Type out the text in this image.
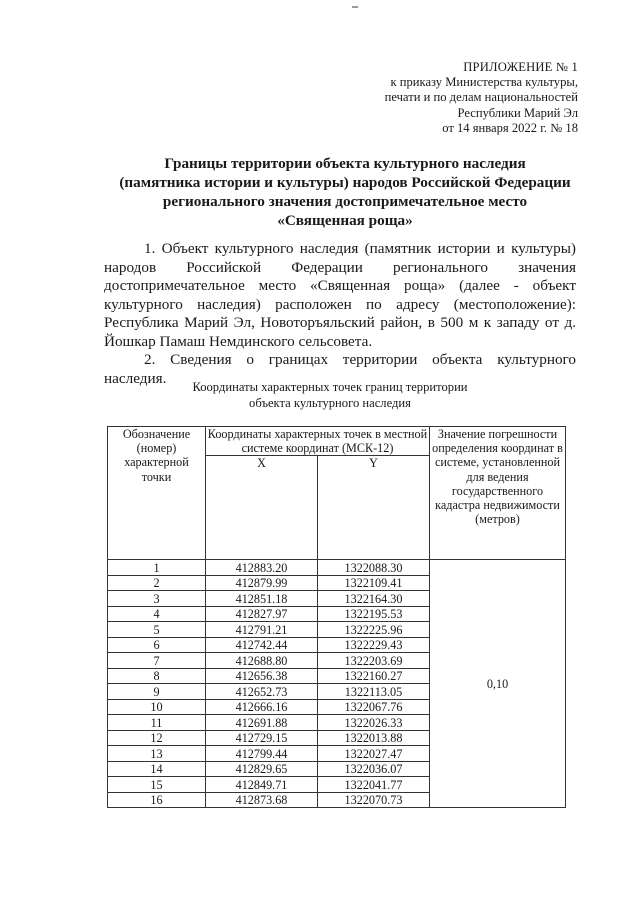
ПРИЛОЖЕНИЕ № 1
к приказу Министерства культуры,
печати и по делам национальностей
Республики Марий Эл
от 14 января 2022 г. № 18
Границы территории объекта культурного наследия
(памятника истории и культуры) народов Российской Федерации
регионального значения достопримечательное место
«Священная роща»

1. Объект культурного наследия (памятник истории и культуры) народов Российской Федерации регионального значения достопримечательное место «Священная роща» (далее - объект культурного наследия) расположен по адресу (местоположение): Республика Марий Эл, Новоторъяльский район, в 500 м к западу от д. Йошкар Памаш Немдинского сельсовета.

2. Сведения о границах территории объекта культурного наследия.

Координаты характерных точек границ территории
объекта культурного наследия
Обозначение (номер) характерной точки	Координаты характерных точек в местной системе координат (МСК-12)		Значение погрешности определения координат в системе, установленной для ведения государственного кадастра недвижимости (метров)
	X	Y	
1	412883.20	1322088.30	0,10
2	412879.99	1322109.41	
3	412851.18	1322164.30	
4	412827.97	1322195.53	
5	412791.21	1322225.96	
6	412742.44	1322229.43	
7	412688.80	1322203.69	
8	412656.38	1322160.27	
9	412652.73	1322113.05	
10	412666.16	1322067.76	
11	412691.88	1322026.33	
12	412729.15	1322013.88	
13	412799.44	1322027.47	
14	412829.65	1322036.07	
15	412849.71	1322041.77	
16	412873.68	1322070.73	
